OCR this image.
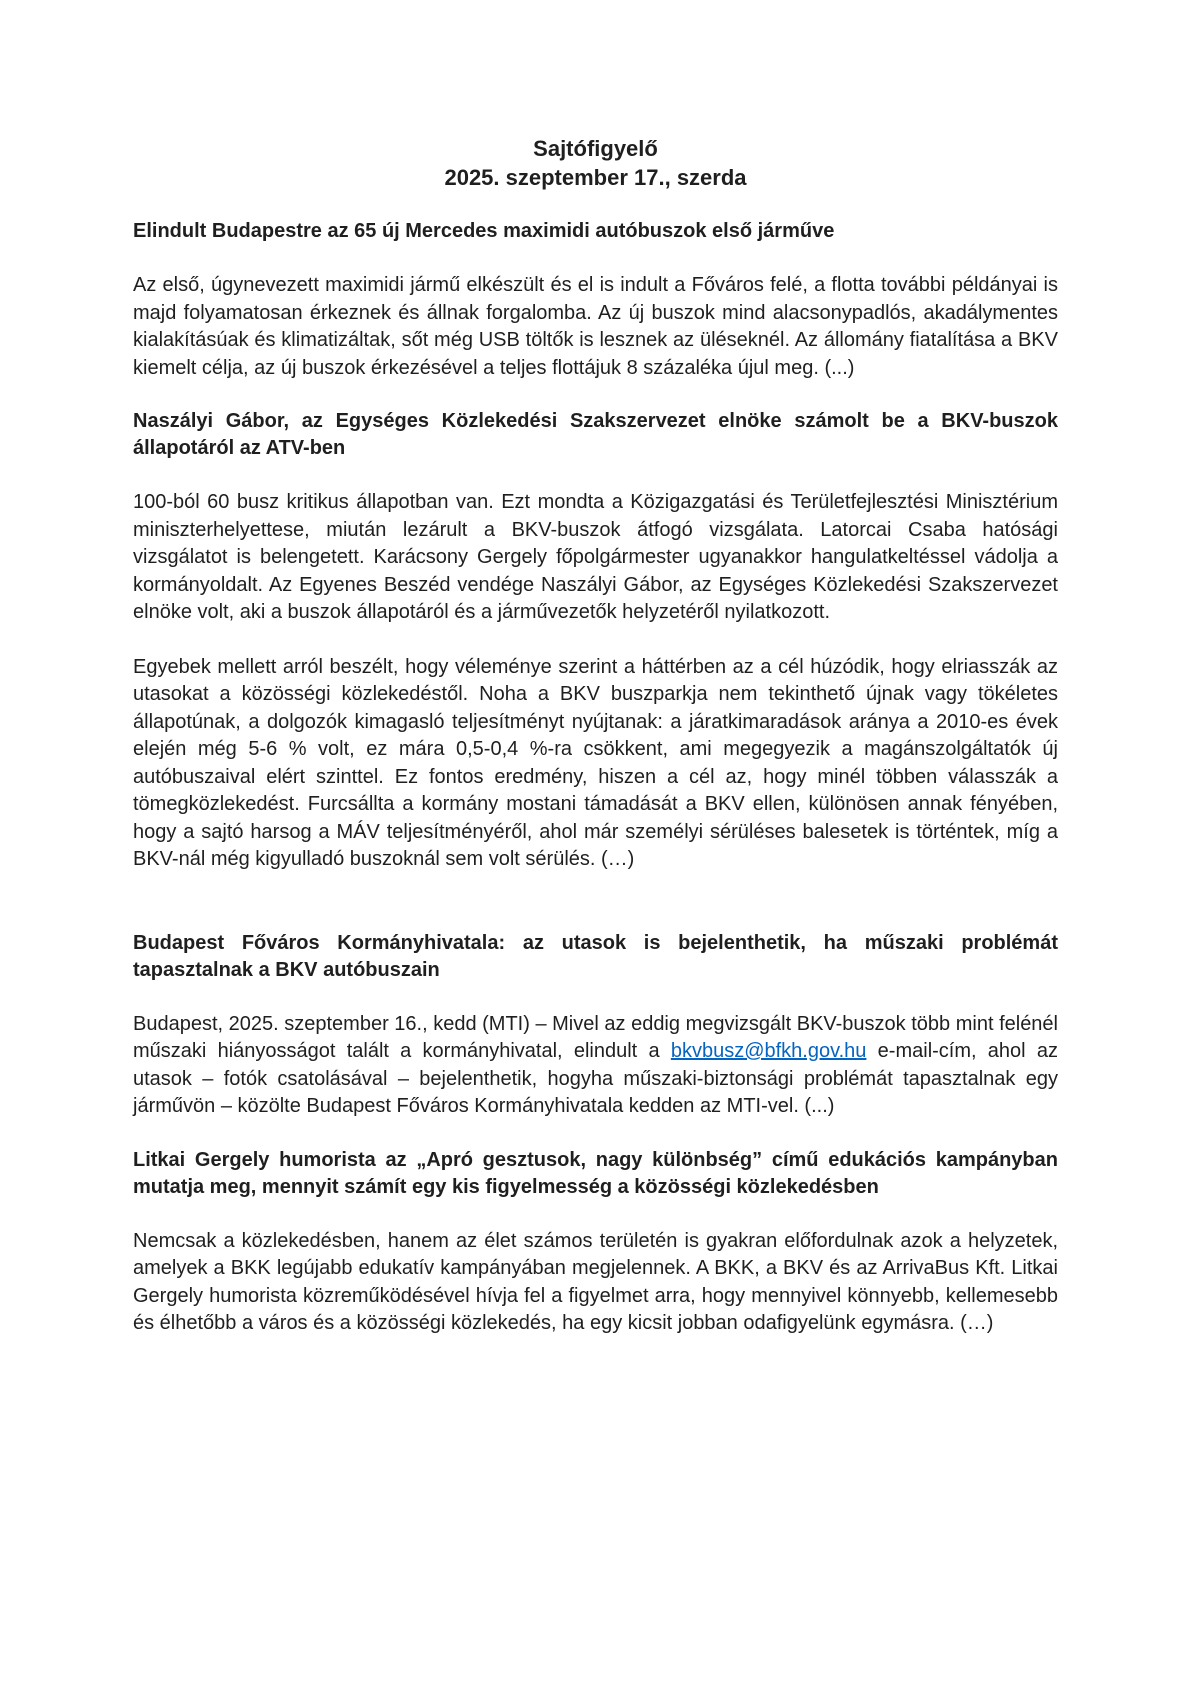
Sajtófigyelő
2025. szeptember 17., szerda
Elindult Budapestre az 65 új Mercedes maximidi autóbuszok első járműve

Az első, úgynevezett maximidi jármű elkészült és el is indult a Főváros felé, a flotta további példányai is majd folyamatosan érkeznek és állnak forgalomba. Az új buszok mind alacsonypadlós, akadálymentes kialakításúak és klimatizáltak, sőt még USB töltők is lesznek az üléseknél. Az állomány fiatalítása a BKV kiemelt célja, az új buszok érkezésével a teljes flottájuk 8 százaléka újul meg. (...)

Naszályi Gábor, az Egységes Közlekedési Szakszervezet elnöke számolt be a BKV-buszok állapotáról az ATV-ben

100-ból 60 busz kritikus állapotban van. Ezt mondta a Közigazgatási és Területfejlesztési Minisztérium miniszterhelyettese, miután lezárult a BKV-buszok átfogó vizsgálata. Latorcai Csaba hatósági vizsgálatot is belengetett. Karácsony Gergely főpolgármester ugyanakkor hangulatkeltéssel vádolja a kormányoldalt. Az Egyenes Beszéd vendége Naszályi Gábor, az Egységes Közlekedési Szakszervezet elnöke volt, aki a buszok állapotáról és a járművezetők helyzetéről nyilatkozott.

Egyebek mellett arról beszélt, hogy véleménye szerint a háttérben az a cél húzódik, hogy elriasszák az utasokat a közösségi közlekedéstől. Noha a BKV buszparkja nem tekinthető újnak vagy tökéletes állapotúnak, a dolgozók kimagasló teljesítményt nyújtanak: a járatkimaradások aránya a 2010-es évek elején még 5-6 % volt, ez mára 0,5-0,4 %-ra csökkent, ami megegyezik a magánszolgáltatók új autóbuszaival elért szinttel. Ez fontos eredmény, hiszen a cél az, hogy minél többen válasszák a tömegközlekedést. Furcsállta a kormány mostani támadását a BKV ellen, különösen annak fényében, hogy a sajtó harsog a MÁV teljesítményéről, ahol már személyi sérüléses balesetek is történtek, míg a BKV-nál még kigyulladó buszoknál sem volt sérülés. (…)

Budapest Főváros Kormányhivatala: az utasok is bejelenthetik, ha műszaki problémát tapasztalnak a BKV autóbuszain

Budapest, 2025. szeptember 16., kedd (MTI) – Mivel az eddig megvizsgált BKV-buszok több mint felénél műszaki hiányosságot talált a kormányhivatal, elindult a bkvbusz@bfkh.gov.hu e-mail-cím, ahol az utasok – fotók csatolásával – bejelenthetik, hogyha műszaki-biztonsági problémát tapasztalnak egy járművön – közölte Budapest Főváros Kormányhivatala kedden az MTI-vel. (...)

Litkai Gergely humorista az „Apró gesztusok, nagy különbség” című edukációs kampányban mutatja meg, mennyit számít egy kis figyelmesség a közösségi közlekedésben

Nemcsak a közlekedésben, hanem az élet számos területén is gyakran előfordulnak azok a helyzetek, amelyek a BKK legújabb edukatív kampányában megjelennek. A BKK, a BKV és az ArrivaBus Kft. Litkai Gergely humorista közreműködésével hívja fel a figyelmet arra, hogy mennyivel könnyebb, kellemesebb és élhetőbb a város és a közösségi közlekedés, ha egy kicsit jobban odafigyelünk egymásra. (…)
